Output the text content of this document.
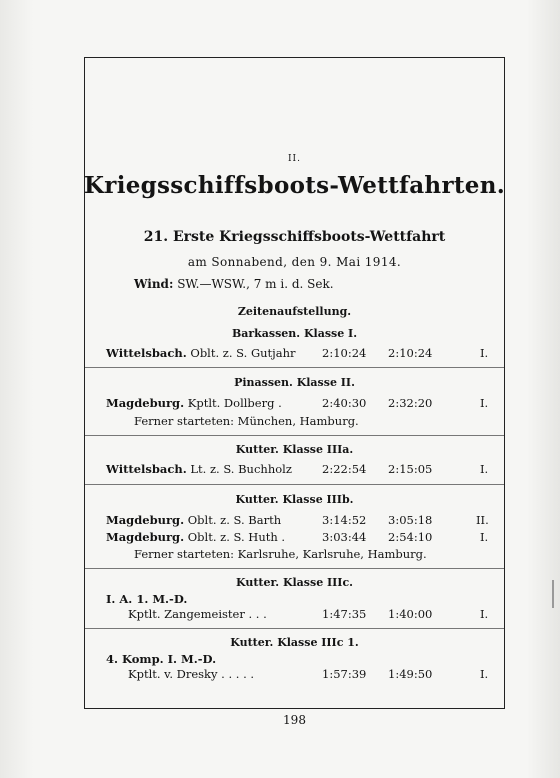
II.
Kriegsschiffsboots-Wettfahrten.
21. Erste Kriegsschiffsboots-Wettfahrt
am Sonnabend, den 9. Mai 1914.
Wind: SW.—WSW., 7 m i. d. Sek.
Zeitenaufstellung.
Barkassen. Klasse I.
Wittelsbach. Oblt. z. S. Gutjahr 2:10:24 2:10:24	I.
Pinassen. Klasse II.
Magdeburg. Kptlt. Dollberg .	2:40:30 2:32:20	I.
Ferner starteten: München, Hamburg.
Kutter. Klasse IIIa.
Wittelsbach. Lt. z. S. Buchholz	2:22:54 2:15:05	I.
Kutter. Klasse IIIb.
Magdeburg. Oblt. z. S. Barth	3:14:52 3:05:18	II.
Magdeburg. Oblt. z. S. Huth .	3:03:44 2:54:10	I.
Ferner starteten: Karlsruhe, Karlsruhe, Hamburg.
Kutter. Klasse IIIc.
I. A. 1. M.-D.
Kptlt. Zangemeister . . .	1:47:35 1:40:00	I.
Kutter. Klasse IIIc 1.
4. Komp. I. M.-D.
Kptlt. v. Dresky . . . . .	1:57:39 1:49:50	I.
198
